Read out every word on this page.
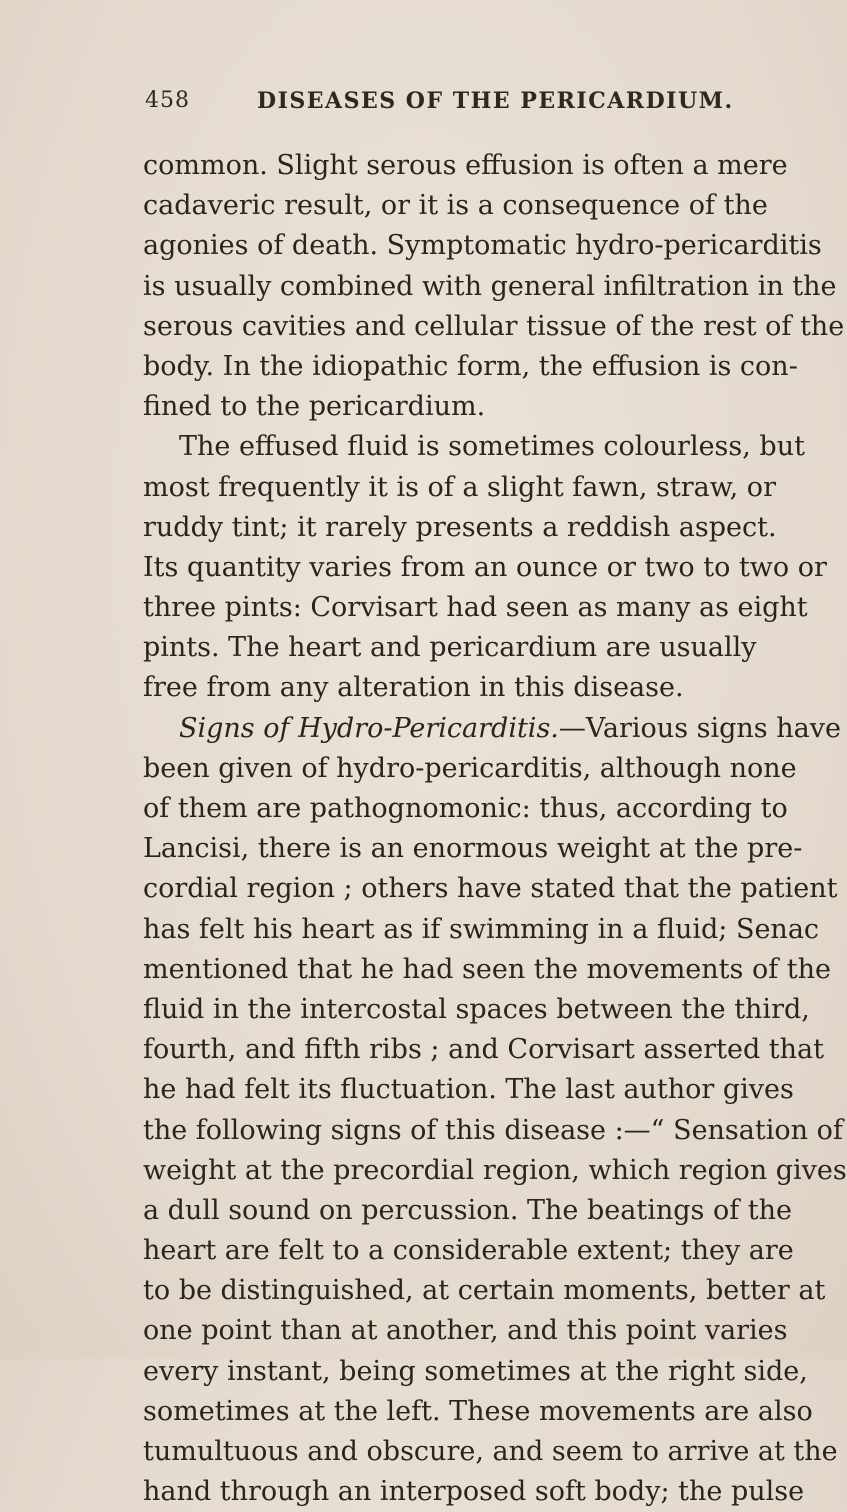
458	DISEASES OF THE PERICARDIUM.
common. Slight serous effusion is often a mere
cadaveric result, or it is a consequence of the
agonies of death. Symptomatic hydro-pericarditis
is usually combined with general infiltration in the
serous cavities and cellular tissue of the rest of the
body. In the idiopathic form, the effusion is con-
fined to the pericardium.
The effused fluid is sometimes colourless, but
most frequently it is of a slight fawn, straw, or
ruddy tint; it rarely presents a reddish aspect.
Its quantity varies from an ounce or two to two or
three pints: Corvisart had seen as many as eight
pints. The heart and pericardium are usually
free from any alteration in this disease.
Signs of Hydro-Pericarditis.—Various signs have
been given of hydro-pericarditis, although none
of them are pathognomonic: thus, according to
Lancisi, there is an enormous weight at the pre-
cordial region ; others have stated that the patient
has felt his heart as if swimming in a fluid; Senac
mentioned that he had seen the movements of the
fluid in the intercostal spaces between the third,
fourth, and fifth ribs ; and Corvisart asserted that
he had felt its fluctuation. The last author gives
the following signs of this disease :—“ Sensation of
weight at the precordial region, which region gives
a dull sound on percussion. The beatings of the
heart are felt to a considerable extent; they are
to be distinguished, at certain moments, better at
one point than at another, and this point varies
every instant, being sometimes at the right side,
sometimes at the left. These movements are also
tumultuous and obscure, and seem to arrive at the
hand through an interposed soft body; the pulse
